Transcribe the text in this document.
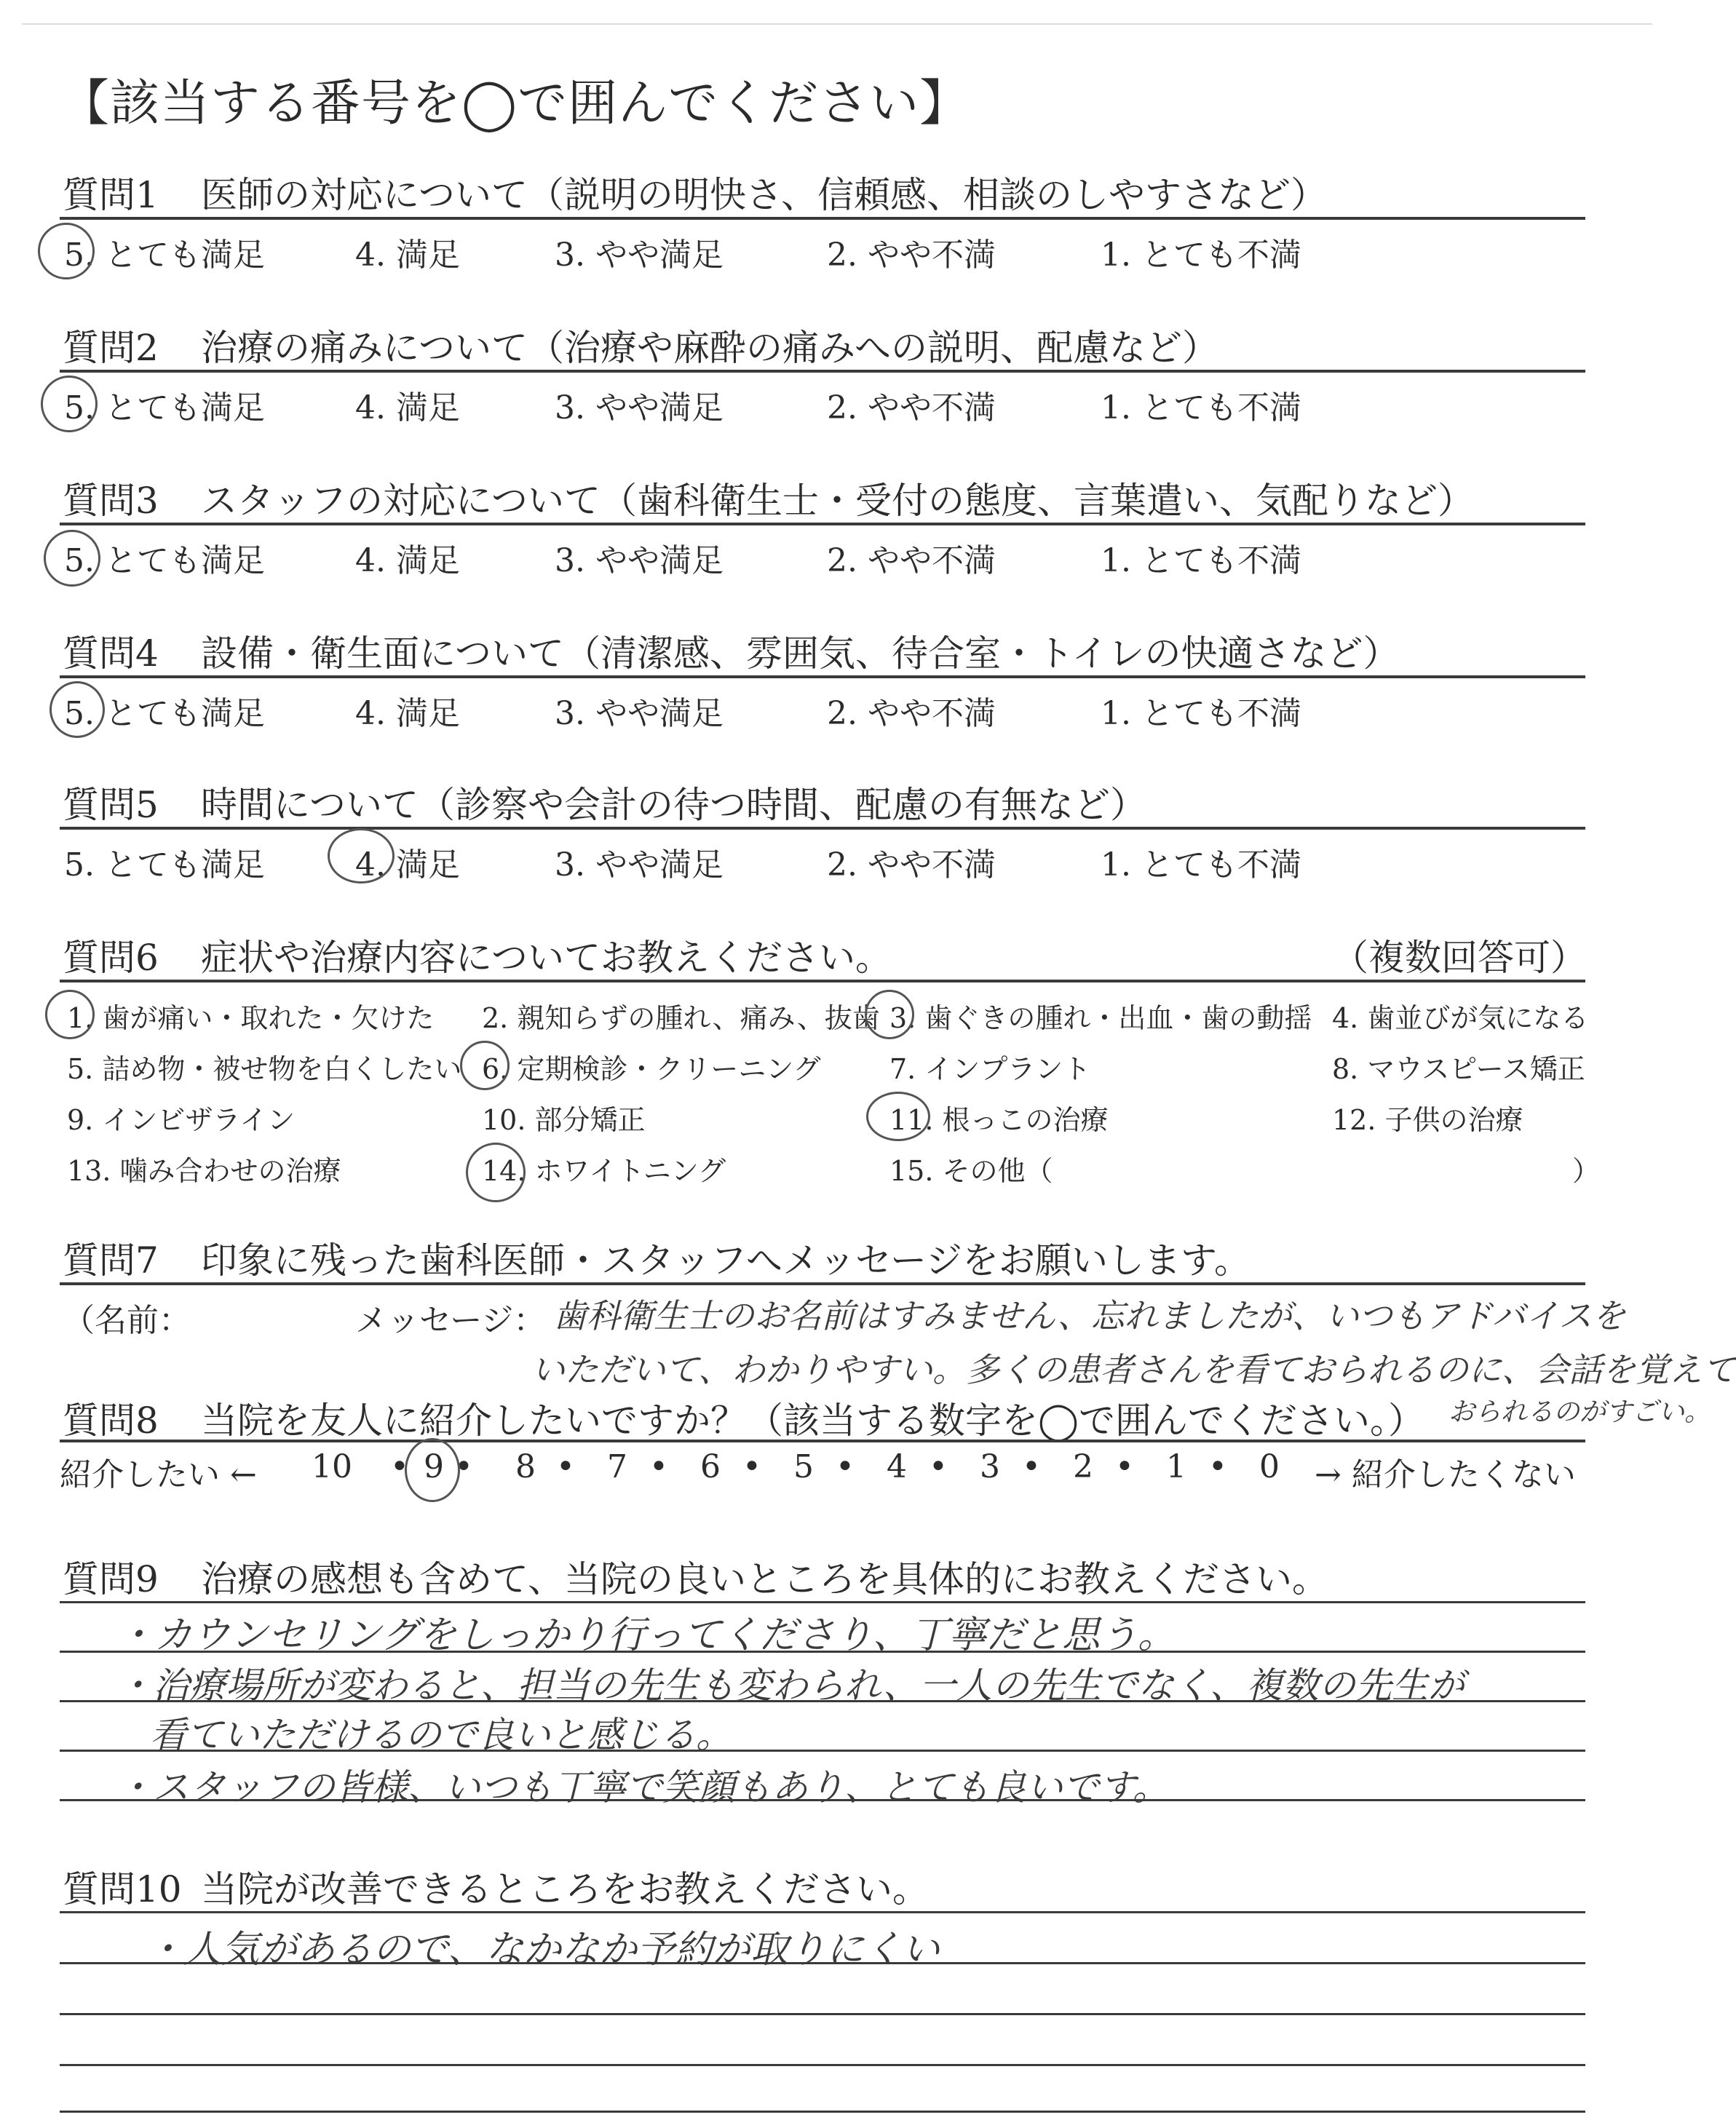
【該当する番号を◯で囲んでください】
質問1 医師の対応について（説明の明快さ、信頼感、相談のしやすさなど）
5. とても満足	4. 満足	3. やや満足	2. やや不満	1. とても不満
質問2 治療の痛みについて（治療や麻酔の痛みへの説明、配慮など）
5. とても満足	4. 満足	3. やや満足	2. やや不満	1. とても不満
質問3 スタッフの対応について（歯科衛生士・受付の態度、言葉遣い、気配りなど）
5. とても満足	4. 満足	3. やや満足	2. やや不満	1. とても不満
質問4 設備・衛生面について（清潔感、雰囲気、待合室・トイレの快適さなど）
5. とても満足	4. 満足	3. やや満足	2. やや不満	1. とても不満
質問5 時間について（診察や会計の待つ時間、配慮の有無など）
5. とても満足	4. 満足	3. やや満足	2. やや不満	1. とても不満
質問6 症状や治療内容についてお教えください。	（複数回答可）
1. 歯が痛い・取れた・欠けた 2. 親知らずの腫れ、痛み、抜歯 3. 歯ぐきの腫れ・出血・歯の動揺 4. 歯並びが気になる
5. 詰め物・被せ物を白くしたい 6. 定期検診・クリーニング 7. インプラント	8. マウスピース矯正
9. インビザライン	10. 部分矯正	11. 根っこの治療	12. 子供の治療
13. 噛み合わせの治療	14. ホワイトニング	15. その他（	）
質問7 印象に残った歯科医師・スタッフへメッセージをお願いします。
（名前：	メッセージ： 歯科衛生士のお名前はすみません、忘れましたが、いつもアドバイスを
いただいて、わかりやすい。多くの患者さんを看ておられるのに、会話を覚えて
おられるのがすごい。
質問8 当院を友人に紹介したいですか？（該当する数字を◯で囲んでください。）
紹介したい ← 10 9 8 7 6 5 4 3 2 1 0 → 紹介したくない
• •	• • • • • • • •
質問9 治療の感想も含めて、当院の良いところを具体的にお教えください。
・カウンセリングをしっかり行ってくださり、丁寧だと思う。
・治療場所が変わると、担当の先生も変わられ、一人の先生でなく、複数の先生が
看ていただけるので良いと感じる。
・スタッフの皆様、いつも丁寧で笑顔もあり、とても良いです。
質問10 当院が改善できるところをお教えください。
・人気があるので、なかなか予約が取りにくい
